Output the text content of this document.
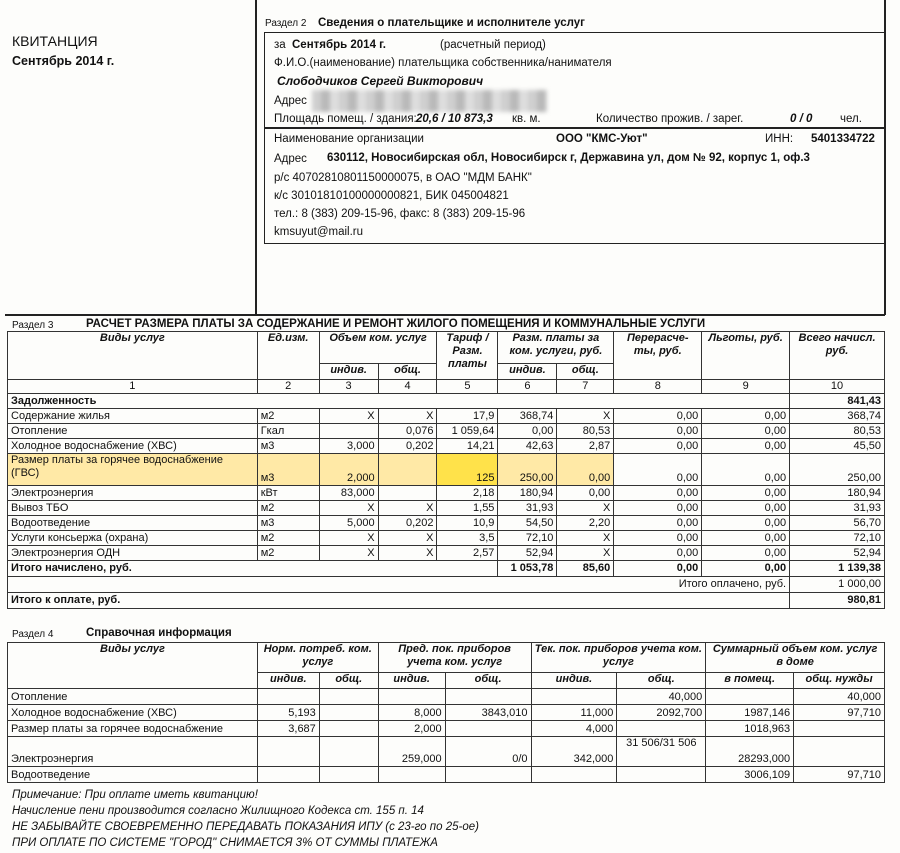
КВИТАНЦИЯ
Сентябрь 2014 г.
Раздел 2 Сведения о плательщике и исполнителе услуг
за Сентябрь 2014 г.	(расчетный период)
Ф.И.О.(наименование) плательщика собственника/нанимателя
Слободчиков Сергей Викторович
Адрес
Площадь помещ. / здания: 20,6 / 10 873,3 кв. м.	Количество прожив. / зарег.	0 / 0 чел.
Наименование организации	ООО "КМС-Уют"	ИНН: 5401334722
Адрес 630112, Новосибирская обл, Новосибирск г, Державина ул, дом № 92, корпус 1, оф.3
р/с 40702810801150000075, в ОАО "МДМ БАНК"
к/с 30101810100000000821, БИК 045004821
тел.: 8 (383) 209-15-96, факс: 8 (383) 209-15-96
kmsuyut@mail.ru
Раздел 3	РАСЧЕТ РАЗМЕРА ПЛАТЫ ЗА СОДЕРЖАНИЕ И РЕМОНТ ЖИЛОГО ПОМЕЩЕНИЯ И КОММУНАЛЬНЫЕ УСЛУГИ
Виды услуг	Ед.изм.	Объем ком. услуг		Тариф / Разм. платы	Разм. платы за ком. услуги, руб.		Перерасче-ты, руб.	Льготы, руб.	Всего начисл. руб.
		индив.	общ.		индив.	общ.			
1	2	3	4	5	6	7	8	9	10
Задолженность									841,43
Содержание жилья	м2	X	X	17,9	368,74	X	0,00	0,00	368,74
Отопление	Гкал		0,076	1 059,64	0,00	80,53	0,00	0,00	80,53
Холодное водоснабжение (ХВС)	м3	3,000	0,202	14,21	42,63	2,87	0,00	0,00	45,50
Размер платы за горячее водоснабжение (ГВС)	м3	2,000		125	250,00	0,00	0,00	0,00	250,00
Электроэнергия	кВт	83,000		2,18	180,94	0,00	0,00	0,00	180,94
Вывоз ТБО	м2	X	X	1,55	31,93	X	0,00	0,00	31,93
Водоотведение	м3	5,000	0,202	10,9	54,50	2,20	0,00	0,00	56,70
Услуги консьержа (охрана)	м2	X	X	3,5	72,10	X	0,00	0,00	72,10
Электроэнергия ОДН	м2	X	X	2,57	52,94	X	0,00	0,00	52,94
Итого начислено, руб.					1 053,78	85,60	0,00	0,00	1 139,38
Итого оплачено, руб.									1 000,00
Итого к оплате, руб.									980,81
Раздел 4	Справочная информация
Виды услуг	Норм. потреб. ком. услуг		Пред. пок. приборов учета ком. услуг		Тек. пок. приборов учета ком. услуг		Суммарный объем ком. услуг в доме	
	индив.	общ.	индив.	общ.	индив.	общ.	в помещ.	общ. нужды
Отопление						40,000		40,000
Холодное водоснабжение (ХВС)	5,193		8,000	3843,010	11,000	2092,700	1987,146	97,710
Размер платы за горячее водоснабжение	3,687		2,000		4,000		1018,963	
Электроэнергия			259,000	0/0	342,000	31 506/31 506	28293,000	
Водоотведение							3006,109	97,710
Примечание: При оплате иметь квитанцию!
Начисление пени производится согласно Жилищного Кодекса ст. 155 п. 14
НЕ ЗАБЫВАЙТЕ СВОЕВРЕМЕННО ПЕРЕДАВАТЬ ПОКАЗАНИЯ ИПУ (с 23-го по 25-ое)
ПРИ ОПЛАТЕ ПО СИСТЕМЕ "ГОРОД" СНИМАЕТСЯ 3% ОТ СУММЫ ПЛАТЕЖА
